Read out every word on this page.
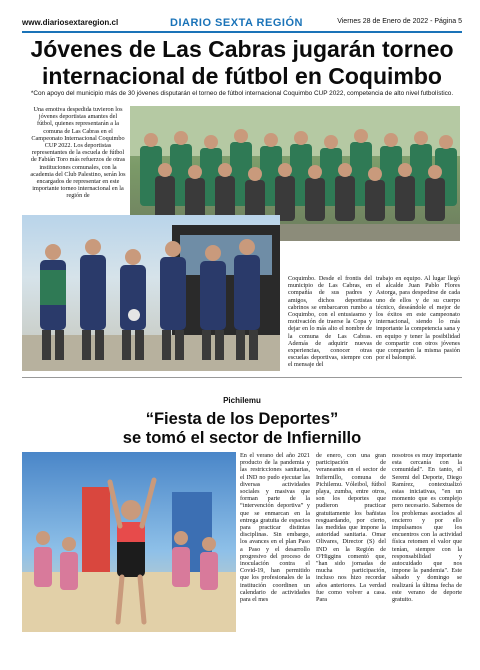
www.diariosextaregion.cl	DIARIO SEXTA REGIÓN	Viernes 28 de Enero de 2022 - Página 5
Jóvenes de Las Cabras jugarán torneo
internacional de fútbol en Coquimbo
*Con apoyo del municipio más de 30 jóvenes disputarán el torneo de fútbol internacional Coquimbo CUP 2022, competencia de alto nivel futbolístico.
Una emotiva despedida tuvieron los jóvenes deportistas amantes del fútbol, quienes representarán a la comuna de Las Cabras en el Campeonato Internacional Coquimbo CUP 2022. Los deportistas representantes de la escuela de fútbol de Fabián Toro más refuerzos de otras instituciones comunales, con la academia del Club Palestino, serán los encargados de representar en este importante torneo internacional en la región de
Coquimbo. Desde el frontis del municipio de Las Cabras, en compañía de sus padres y amigos, dichos deportistas cabrinos se embarcaron rumbo a Coquimbo, con el entusiasmo y motivación de traerse la Copa y dejar en lo más alto el nombre de la comuna de Las Cabras. Además de adquirir nuevas experiencias, conocer otras escuelas deportivas, siempre con el mensaje del
trabajo en equipo. Al lugar llegó el alcalde Juan Pablo Flores Astorga, para despedirse de cada uno de ellos y de su cuerpo técnico, deseándole el mejor de los éxitos en este campeonato internacional, siendo lo más importante la competencia sana y en equipo y tener la posibilidad de compartir con otros jóvenes que comparten la misma pasión por el balompié.
Pichilemu
“Fiesta de los Deportes”
se tomó el sector de Infiernillo
En el verano del año 2021 producto de la pandemia y las restricciones sanitarias, el IND no pudo ejecutar las diversas actividades sociales y masivas que forman parte de la “intervención deportiva” y que se enmarcan en la entrega gratuita de espacios para practicar distintas disciplinas. Sin embargo, los avances en el plan Paso a Paso y el desarrollo progresivo del proceso de inoculación contra el Covid-19, han permitido que los profesionales de la institución coordinen un calendario de actividades para el mes
de enero, con una gran participación de veraneantes en el sector de Infiernillo, comuna de Pichilemu. Vóleibol, fútbol playa, zumba, entre otros, son los deportes que pudieron practicar gratuitamente los bañistas resguardando, por cierto, las medidas que impone la autoridad sanitaria. Omar Olivares, Director (S) del IND en la Región de O'Higgins comentó que, "han sido jornadas de mucha participación, incluso nos hizo recordar años anteriores. La verdad fue como volver a casa. Para
nosotros es muy importante esta cercanía con la comunidad". En tanto, el Seremi del Deporte, Diego Ramírez, contextualizó estas iniciativas, "en un momento que es complejo pero necesario. Sabemos de los problemas asociados al encierro y por ello impulsamos que los encuentros con la actividad física retomen el valor que tenían, siempre con la responsabilidad y autocuidado que nos impone la pandemia". Este sábado y domingo se realizará la última fecha de este verano de deporte gratuito.
